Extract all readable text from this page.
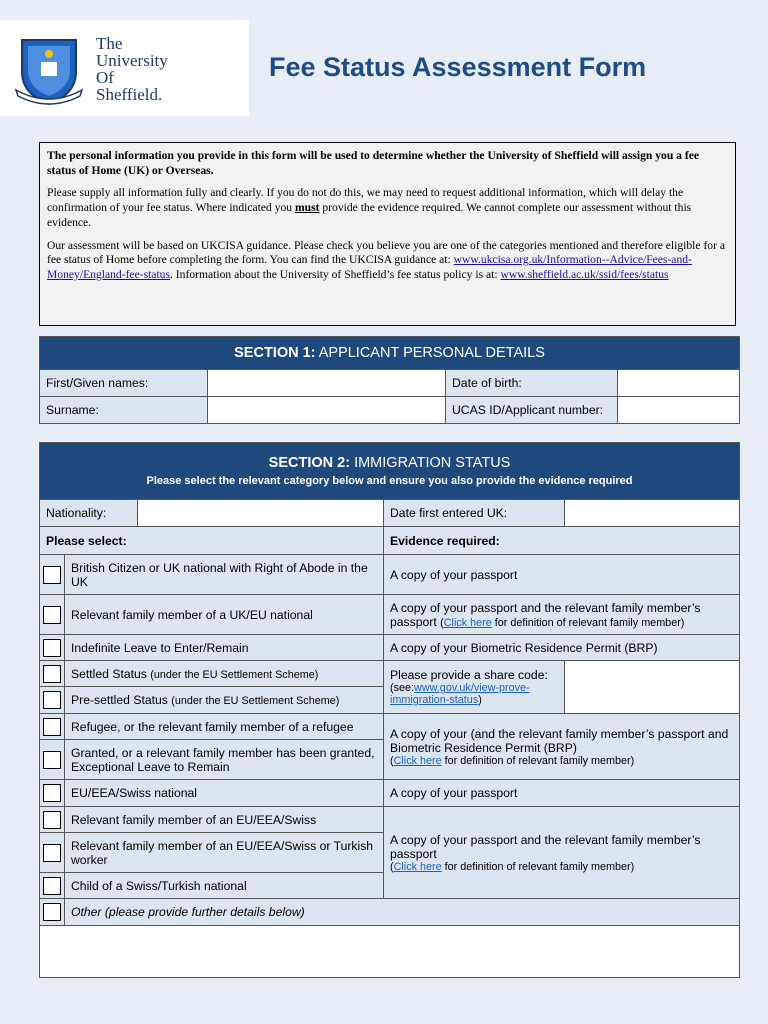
The
University
Of
Sheffield.
Fee Status Assessment Form

The personal information you provide in this form will be used to determine whether the University of Sheffield will assign you a fee status of Home (UK) or Overseas.

Please supply all information fully and clearly. If you do not do this, we may need to request additional information, which will delay the confirmation of your fee status. Where indicated you must provide the evidence required. We cannot complete our assessment without this evidence.

Our assessment will be based on UKCISA guidance. Please check you believe you are one of the categories mentioned and therefore eligible for a fee status of Home before completing the form. You can find the UKCISA guidance at: www.ukcisa.org.uk/Information--Advice/Fees-and-Money/England-fee-status. Information about the University of Sheffield’s fee status policy is at: www.sheffield.ac.uk/ssid/fees/status

SECTION 1: APPLICANT PERSONAL DETAILS			
First/Given names:		Date of birth:	
Surname:		UCAS ID/Applicant number:	
SECTION 2: IMMIGRATION STATUS
Please select the relevant category below and ensure you also provide the evidence required				

Nationality:			Date first entered UK:	
Please select:			Evidence required:	
	British Citizen or UK national with Right of Abode in the UK		A copy of your passport	
	Relevant family member of a UK/EU national		A copy of your passport and the relevant family member’s passport (Click here for definition of relevant family member)	
	Indefinite Leave to Enter/Remain		A copy of your Biometric Residence Permit (BRP)	
	Settled Status (under the EU Settlement Scheme)		Please provide a share code:
(see:www.gov.uk/view-prove-immigration-status)	

	Pre-settled Status (under the EU Settlement Scheme)			
	Refugee, or the relevant family member of a refugee		A copy of your (and the relevant family member’s passport and Biometric Residence Permit (BRP)
(Click here for definition of relevant family member)	

	Granted, or a relevant family member has been granted, Exceptional Leave to Remain			
	EU/EEA/Swiss national		A copy of your passport	
	Relevant family member of an EU/EEA/Swiss		A copy of your passport and the relevant family member’s passport
(Click here for definition of relevant family member)	

	Relevant family member of an EU/EEA/Swiss or Turkish worker			
	Child of a Swiss/Turkish national			
	Other (please provide further details below)			
